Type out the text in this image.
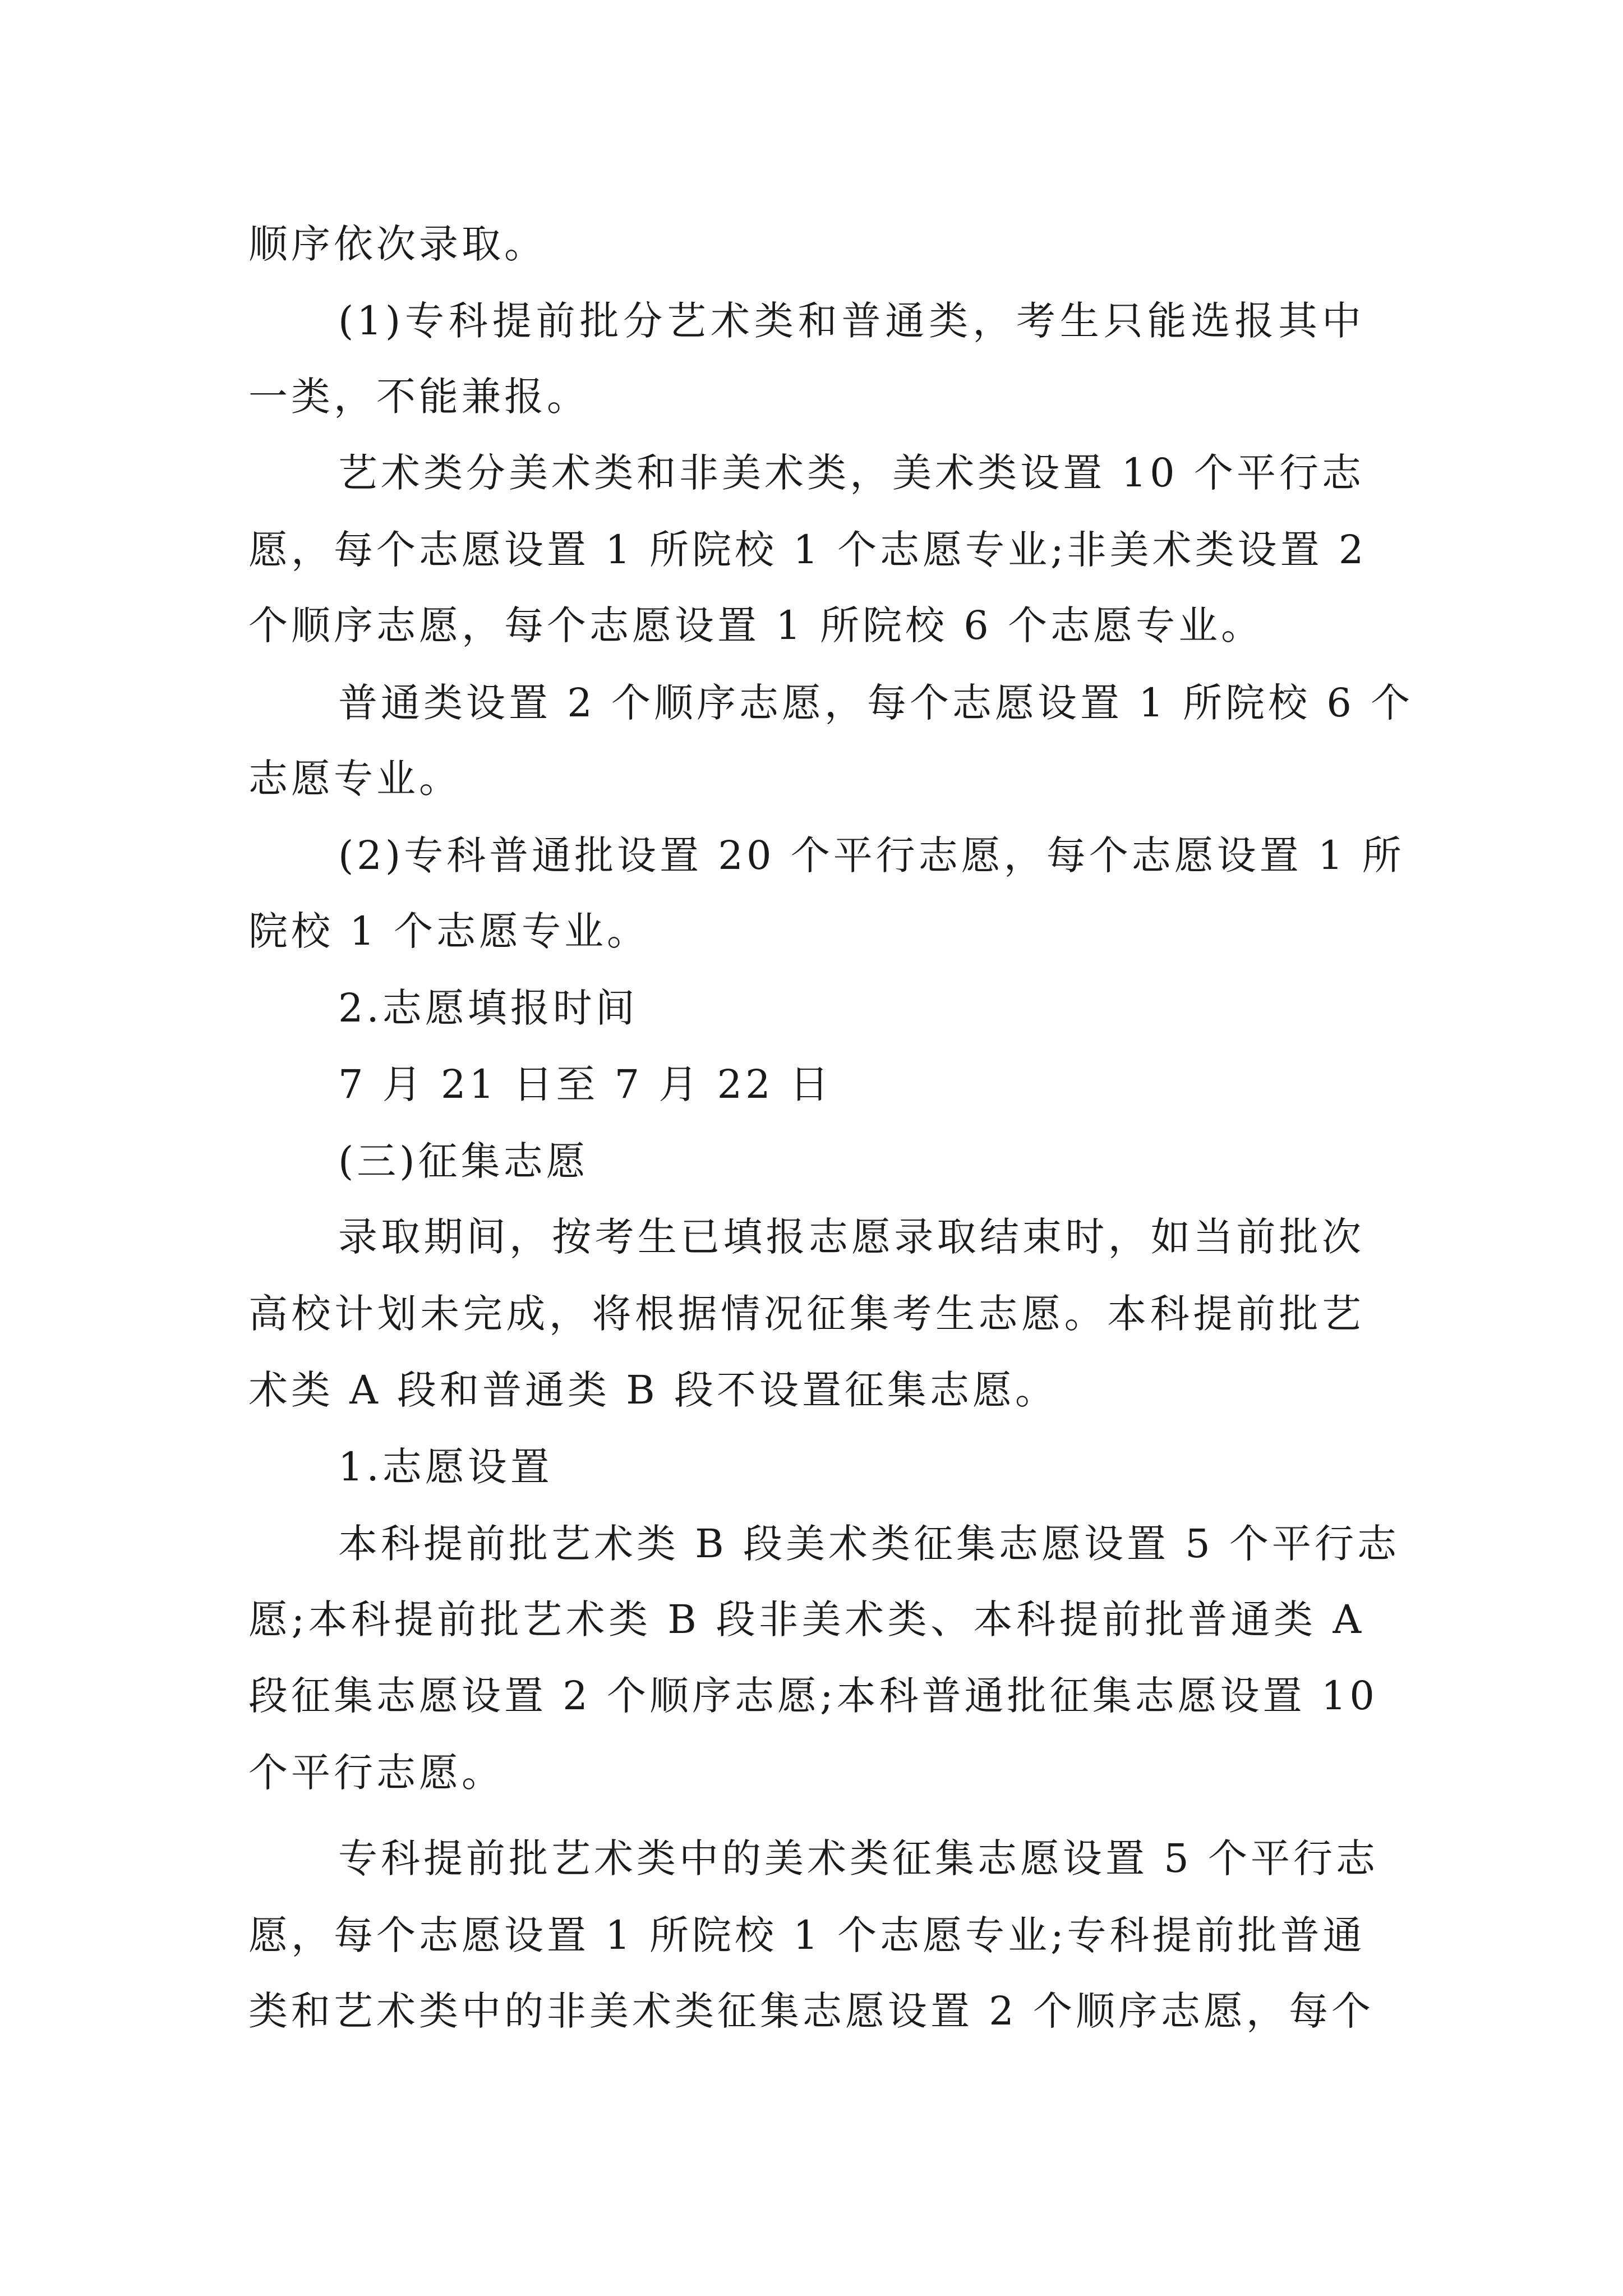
顺序依次录取。
(1)专科提前批分艺术类和普通类，考生只能选报其中
一类，不能兼报。
艺术类分美术类和非美术类，美术类设置 10 个平行志
愿，每个志愿设置 1 所院校 1 个志愿专业;非美术类设置 2
个顺序志愿，每个志愿设置 1 所院校 6 个志愿专业。
普通类设置 2 个顺序志愿，每个志愿设置 1 所院校 6 个
志愿专业。
(2)专科普通批设置 20 个平行志愿，每个志愿设置 1 所
院校 1 个志愿专业。
2.志愿填报时间
7 月 21 日至 7 月 22 日
(三)征集志愿
录取期间，按考生已填报志愿录取结束时，如当前批次
高校计划未完成，将根据情况征集考生志愿。本科提前批艺
术类 A 段和普通类 B 段不设置征集志愿。
1.志愿设置
本科提前批艺术类 B 段美术类征集志愿设置 5 个平行志
愿;本科提前批艺术类 B 段非美术类、本科提前批普通类 A
段征集志愿设置 2 个顺序志愿;本科普通批征集志愿设置 10
个平行志愿。
专科提前批艺术类中的美术类征集志愿设置 5 个平行志
愿，每个志愿设置 1 所院校 1 个志愿专业;专科提前批普通
类和艺术类中的非美术类征集志愿设置 2 个顺序志愿，每个
